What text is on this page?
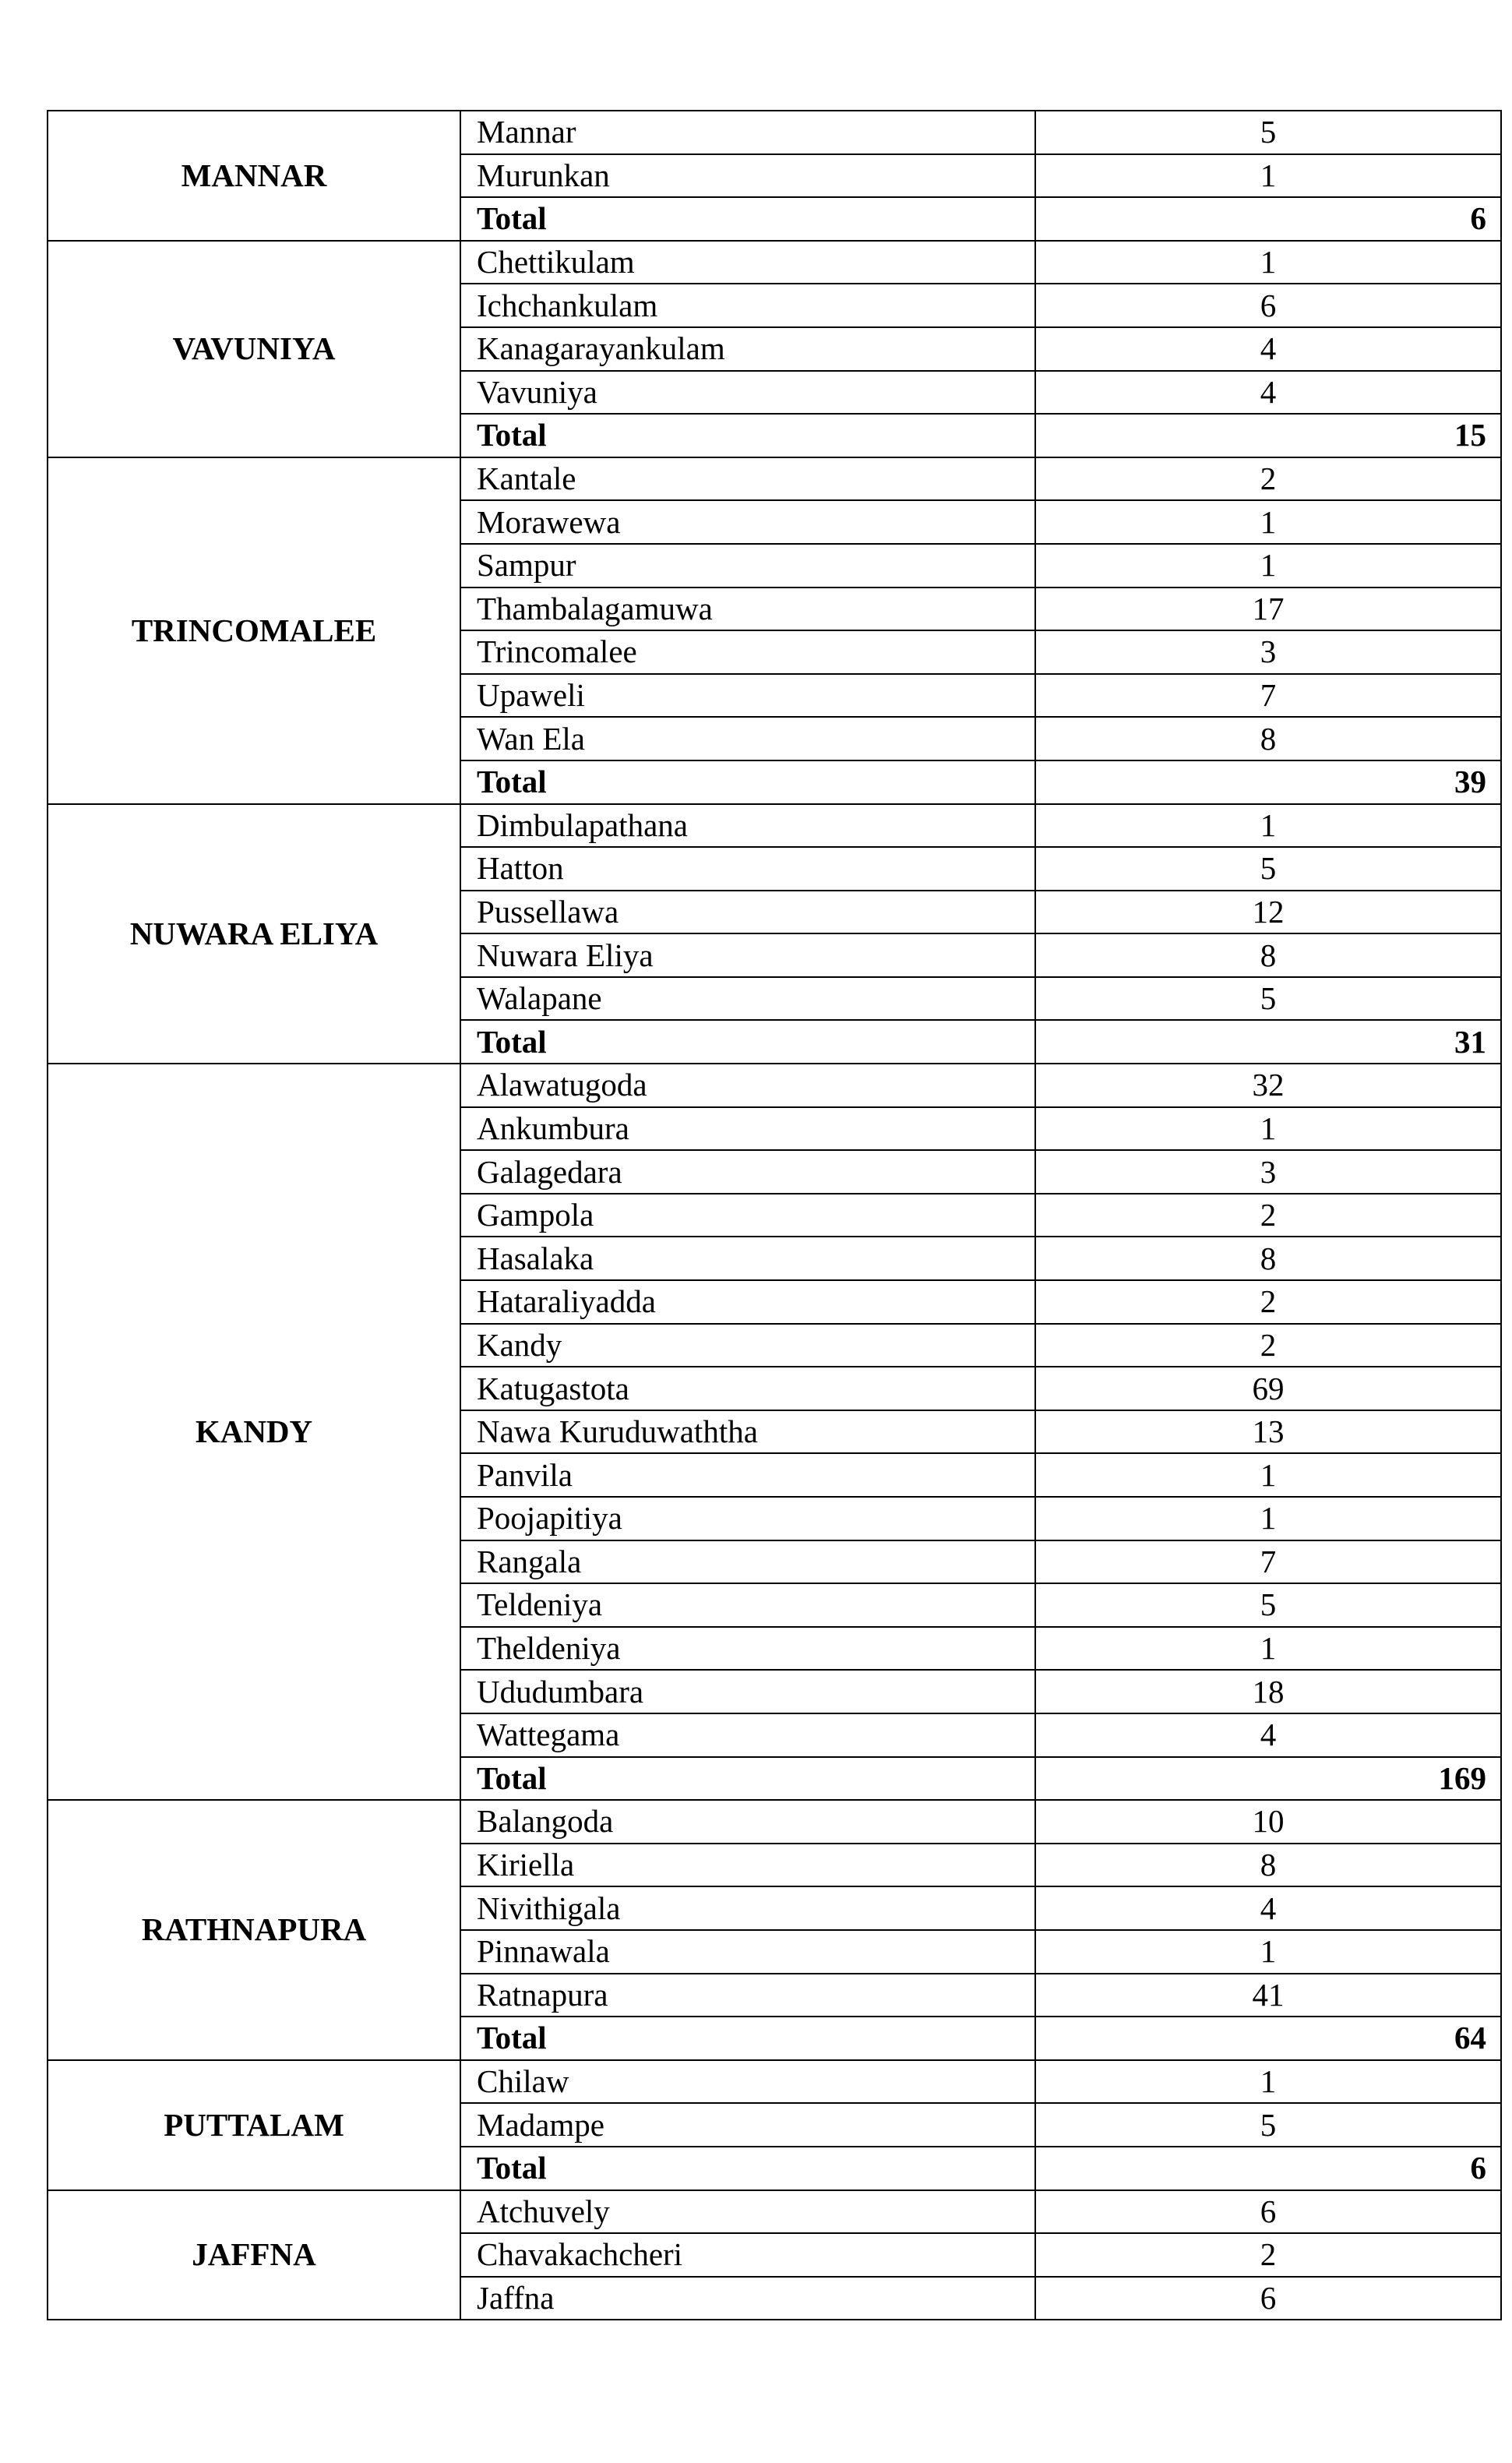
MANNAR	Mannar	5
	Murunkan	1
	Total	6
VAVUNIYA	Chettikulam	1
	Ichchankulam	6
	Kanagarayankulam	4
	Vavuniya	4
	Total	15
TRINCOMALEE	Kantale	2
	Morawewa	1
	Sampur	1
	Thambalagamuwa	17
	Trincomalee	3
	Upaweli	7
	Wan Ela	8
	Total	39
NUWARA ELIYA	Dimbulapathana	1
	Hatton	5
	Pussellawa	12
	Nuwara Eliya	8
	Walapane	5
	Total	31
KANDY	Alawatugoda	32
	Ankumbura	1
	Galagedara	3
	Gampola	2
	Hasalaka	8
	Hataraliyadda	2
	Kandy	2
	Katugastota	69
	Nawa Kuruduwaththa	13
	Panvila	1
	Poojapitiya	1
	Rangala	7
	Teldeniya	5
	Theldeniya	1
	Ududumbara	18
	Wattegama	4
	Total	169
RATHNAPURA	Balangoda	10
	Kiriella	8
	Nivithigala	4
	Pinnawala	1
	Ratnapura	41
	Total	64
PUTTALAM	Chilaw	1
	Madampe	5
	Total	6
JAFFNA	Atchuvely	6
	Chavakachcheri	2
	Jaffna	6
